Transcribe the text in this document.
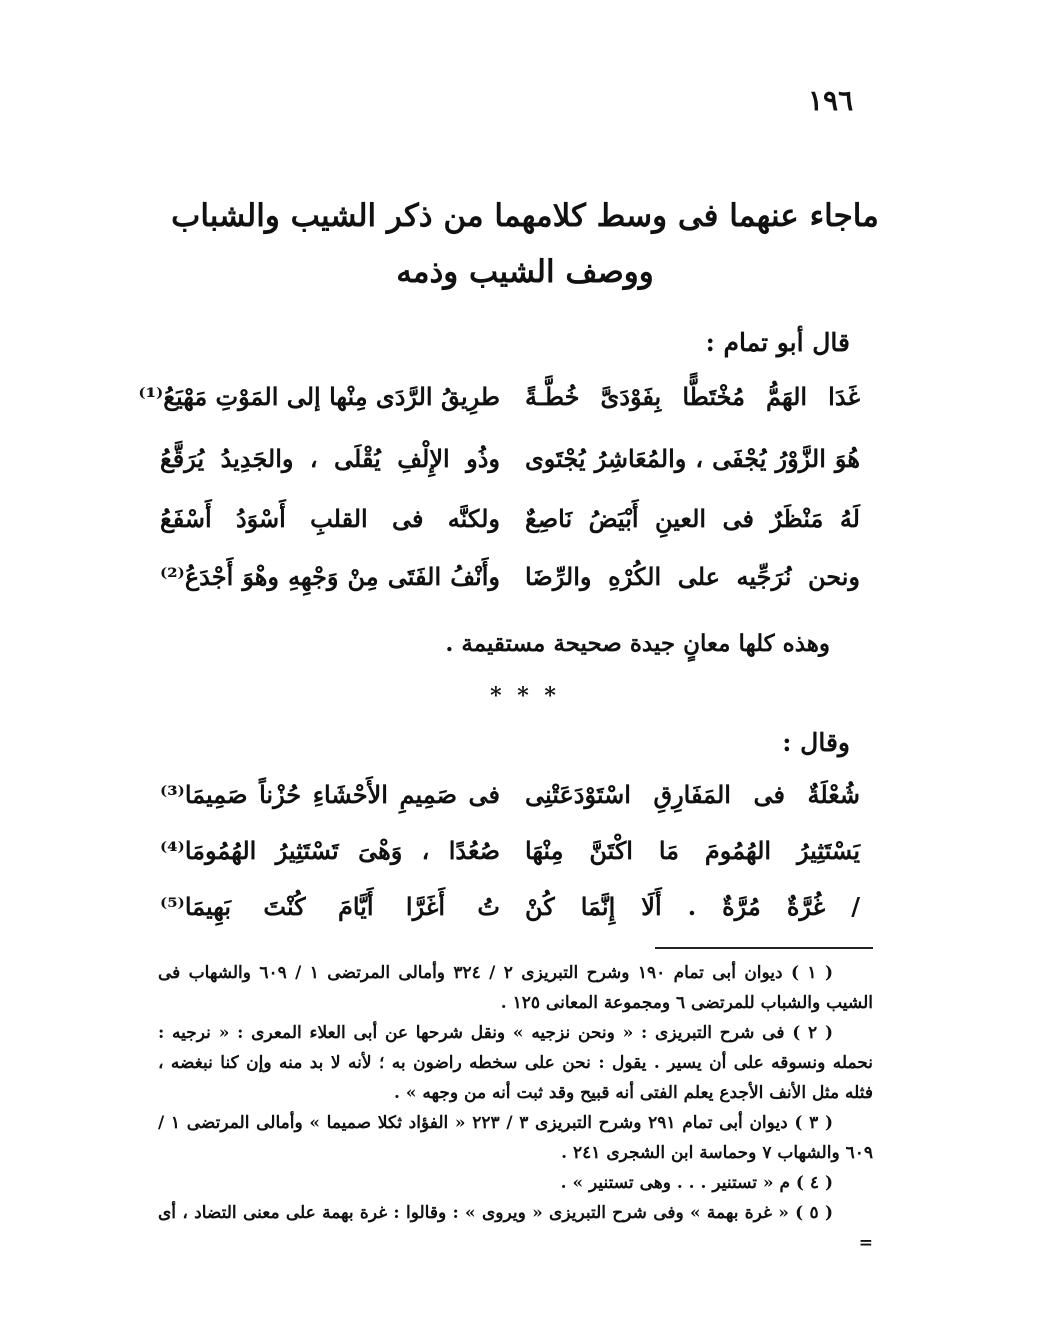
١٩٦
ماجاء عنهما فى وسط كلامهما من ذكر الشيب والشباب
ووصف الشيب وذمه
قال أبو تمام :
غَدَا الهَمُّ مُخْتَطًّا بِفَوْدَىَّ خُطَّـةً
طرِيقُ الرَّدَى مِنْها إلى المَوْتِ مَهْيَعُ⁽¹⁾
هُوَ الزَّوْرُ يُجْفَى ، والمُعَاشِرُ يُجْتَوى
وذُو الإِلْفِ يُقْلَى ، والجَدِيدُ يُرَقَّعُ
لَهُ مَنْظَرٌ فى العينِ أَبْيَضُ نَاصِعٌ
ولكنَّه فى القلبِ أَسْوَدُ أَسْفَعُ
ونحن نُرَجِّيه على الكُرْهِ والرِّضَا
وأَنْفُ الفَتَى مِنْ وَجْهِهِ وهْوَ أَجْدَعُ⁽²⁾
وهذه كلها معانٍ جيدة صحيحة مستقيمة .
* * *
وقال :
شُعْلَةٌ فى المَفَارِقِ اسْتَوْدَعَتْنِى
فى صَمِيمِ الأَحْشَاءِ حُزْناً صَمِيمَا⁽³⁾
يَسْتَثِيرُ الهُمُومَ مَا اكْتَنَّ مِنْهَا
صُعُدًا ، وَهْىَ تَسْتَثِيرُ الهُمُومَا⁽⁴⁾
/ غُرَّةٌ مُرَّةٌ . أَلَا إِنَّمَا كُنْ
تُ أَغَرَّا أَيَّامَ كُنْتَ بَهِيمَا⁽⁵⁾

( ١ ) ديوان أبى تمام ١٩٠ وشرح التبريزى ٢ / ٣٢٤ وأمالى المرتضى ١ / ٦٠٩ والشهاب فى الشيب والشباب للمرتضى ٦ ومجموعة المعانى ١٢٥ .

( ٢ ) فى شرح التبريزى : « ونحن نزجيه » ونقل شرحها عن أبى العلاء المعرى : « نرجيه : نحمله ونسوقه على أن يسير . يقول : نحن على سخطه راضون به ؛ لأنه لا بد منه وإن كنا نبغضه ، فثله مثل الأنف الأجدع يعلم الفتى أنه قبيح وقد ثبت أنه من وجهه » .

( ٣ ) ديوان أبى تمام ٢٩١ وشرح التبريزى ٣ / ٢٢٣ « الفؤاد ثكلا صميما » وأمالى المرتضى ١ / ٦٠٩ والشهاب ٧ وحماسة ابن الشجرى ٢٤١ .

( ٤ ) م « تستنير . . . وهى تستنير » .

( ٥ ) « غرة بهمة » وفى شرح التبريزى « ويروى » : وقالوا : غرة بهمة على معنى التضاد ، أى =
